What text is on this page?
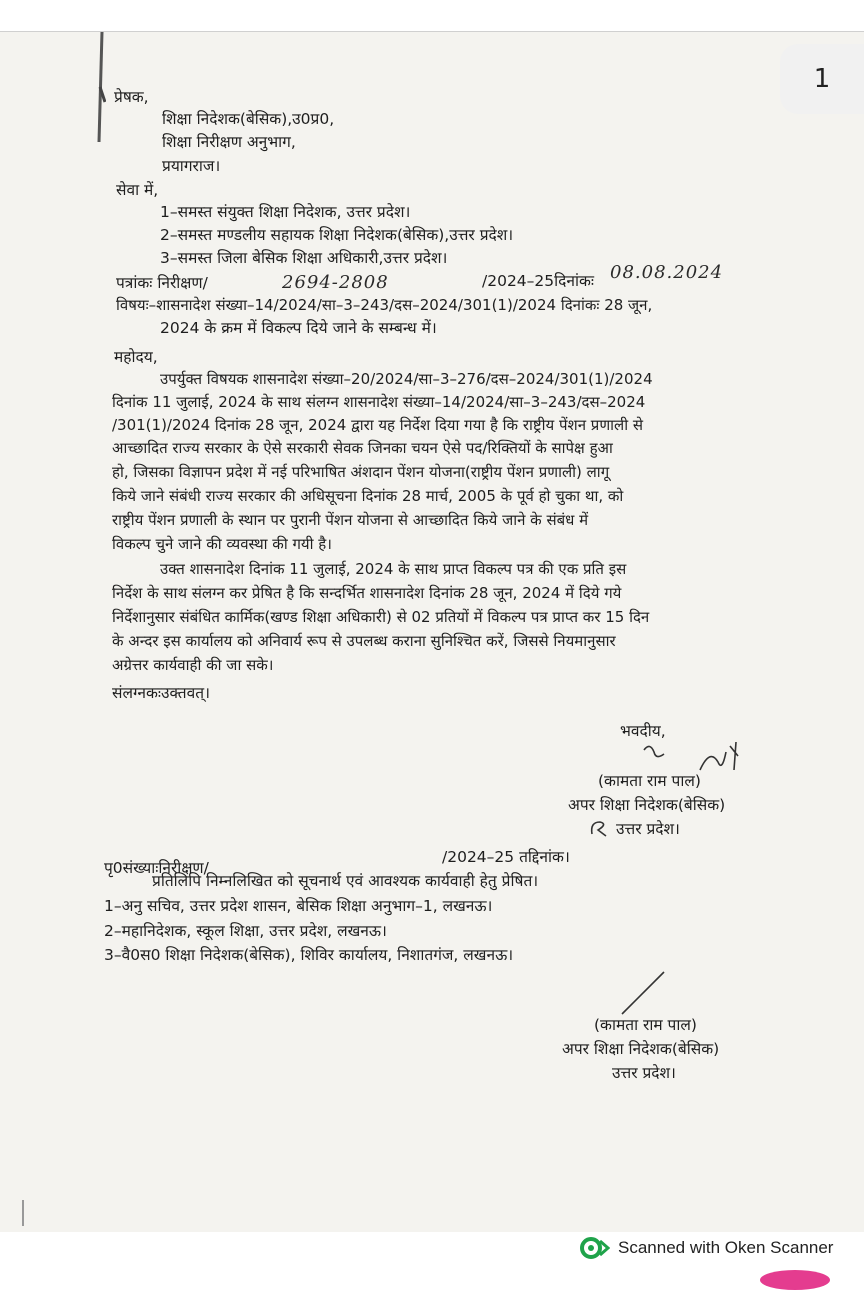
1
प्रेषक,
शिक्षा निदेशक(बेसिक),उ0प्र0,
शिक्षा निरीक्षण अनुभाग,
प्रयागराज।
सेवा में,
1–समस्त संयुक्त शिक्षा निदेशक, उत्तर प्रदेश।
2–समस्त मण्डलीय सहायक शिक्षा निदेशक(बेसिक),उत्तर प्रदेश।
3–समस्त जिला बेसिक शिक्षा अधिकारी,उत्तर प्रदेश।
पत्रांकः निरीक्षण/	2694-2808	/2024–25दिनांकः 08.08.2024
विषयः–शासनादेश संख्या–14/2024/सा–3–243/दस–2024/301(1)/2024 दिनांकः 28 जून,
2024 के क्रम में विकल्प दिये जाने के सम्बन्ध में।
महोदय,
उपर्युक्त विषयक शासनादेश संख्या–20/2024/सा–3–276/दस–2024/301(1)/2024
दिनांक 11 जुलाई, 2024 के साथ संलग्न शासनादेश संख्या–14/2024/सा–3–243/दस–2024
/301(1)/2024 दिनांक 28 जून, 2024 द्वारा यह निर्देश दिया गया है कि राष्ट्रीय पेंशन प्रणाली से
आच्छादित राज्य सरकार के ऐसे सरकारी सेवक जिनका चयन ऐसे पद/रिक्तियों के सापेक्ष हुआ
हो, जिसका विज्ञापन प्रदेश में नई परिभाषित अंशदान पेंशन योजना(राष्ट्रीय पेंशन प्रणाली) लागू
किये जाने संबंधी राज्य सरकार की अधिसूचना दिनांक 28 मार्च, 2005 के पूर्व हो चुका था, को
राष्ट्रीय पेंशन प्रणाली के स्थान पर पुरानी पेंशन योजना से आच्छादित किये जाने के संबंध में
विकल्प चुने जाने की व्यवस्था की गयी है।
उक्त शासनादेश दिनांक 11 जुलाई, 2024 के साथ प्राप्त विकल्प पत्र की एक प्रति इस
निर्देश के साथ संलग्न कर प्रेषित है कि सन्दर्भित शासनादेश दिनांक 28 जून, 2024 में दिये गये
निर्देशानुसार संबंधित कार्मिक(खण्ड शिक्षा अधिकारी) से 02 प्रतियों में विकल्प पत्र प्राप्त कर 15 दिन
के अन्दर इस कार्यालय को अनिवार्य रूप से उपलब्ध कराना सुनिश्चित करें, जिससे नियमानुसार
अग्रेत्तर कार्यवाही की जा सके।
संलग्नकःउक्तवत्।
भवदीय,
(कामता राम पाल)
अपर शिक्षा निदेशक(बेसिक)
उत्तर प्रदेश।
पृ0संख्याःनिरीक्षण/
/2024–25 तद्दिनांक।
प्रतिलिपि निम्नलिखित को सूचनार्थ एवं आवश्यक कार्यवाही हेतु प्रेषित।
1–अनु सचिव, उत्तर प्रदेश शासन, बेसिक शिक्षा अनुभाग–1, लखनऊ।
2–महानिदेशक, स्कूल शिक्षा, उत्तर प्रदेश, लखनऊ।
3–वै0स0 शिक्षा निदेशक(बेसिक), शिविर कार्यालय, निशातगंज, लखनऊ।
(कामता राम पाल)
अपर शिक्षा निदेशक(बेसिक)
उत्तर प्रदेश।
Scanned with Oken Scanner
